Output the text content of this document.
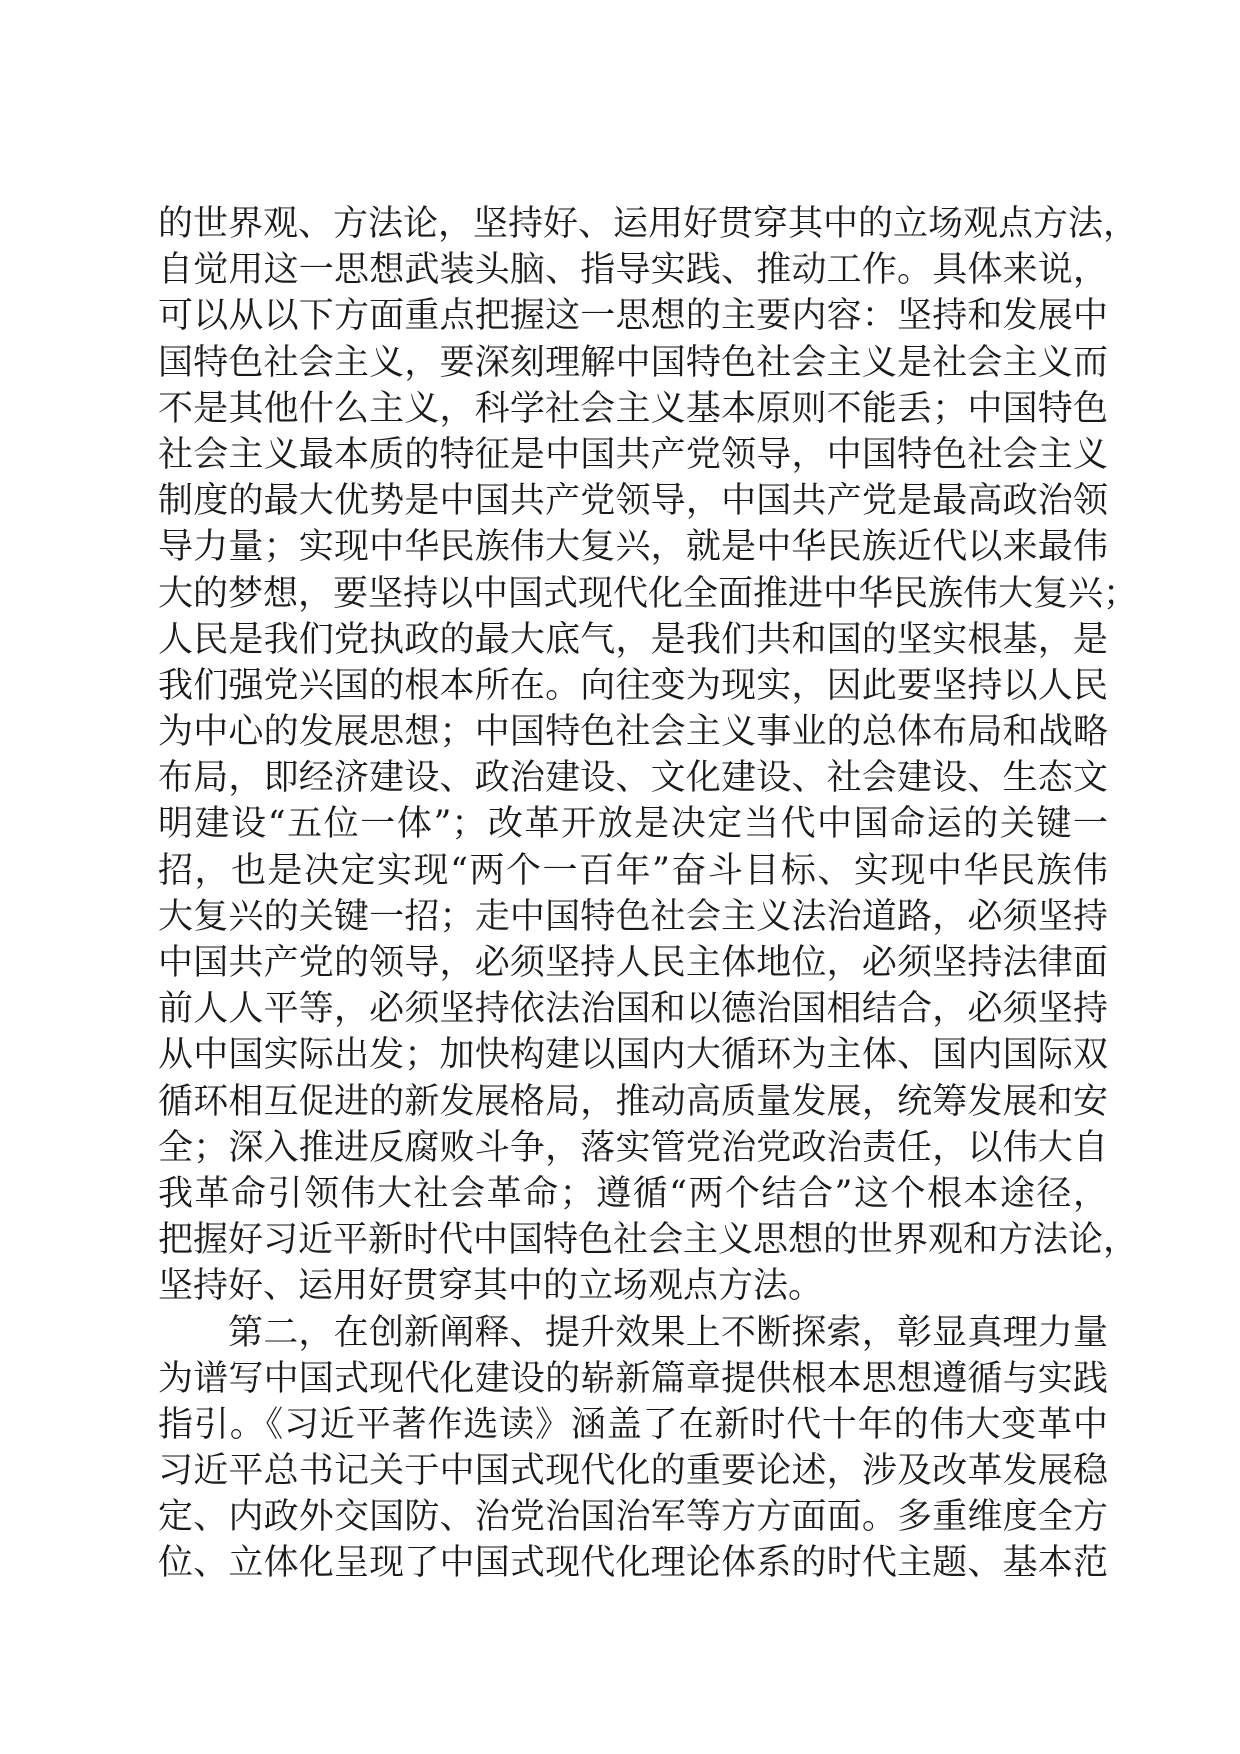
的世界观、方法论，坚持好、运用好贯穿其中的立场观点方法，
自觉用这一思想武装头脑、指导实践、推动工作。具体来说，
可以从以下方面重点把握这一思想的主要内容：坚持和发展中
国特色社会主义，要深刻理解中国特色社会主义是社会主义而
不是其他什么主义，科学社会主义基本原则不能丢；中国特色
社会主义最本质的特征是中国共产党领导，中国特色社会主义
制度的最大优势是中国共产党领导，中国共产党是最高政治领
导力量；实现中华民族伟大复兴，就是中华民族近代以来最伟
大的梦想，要坚持以中国式现代化全面推进中华民族伟大复兴；
人民是我们党执政的最大底气，是我们共和国的坚实根基，是
我们强党兴国的根本所在。向往变为现实，因此要坚持以人民
为中心的发展思想；中国特色社会主义事业的总体布局和战略
布局，即经济建设、政治建设、文化建设、社会建设、生态文
明建设“五位一体”；改革开放是决定当代中国命运的关键一
招，也是决定实现“两个一百年”奋斗目标、实现中华民族伟
大复兴的关键一招；走中国特色社会主义法治道路，必须坚持
中国共产党的领导，必须坚持人民主体地位，必须坚持法律面
前人人平等，必须坚持依法治国和以德治国相结合，必须坚持
从中国实际出发；加快构建以国内大循环为主体、国内国际双
循环相互促进的新发展格局，推动高质量发展，统筹发展和安
全；深入推进反腐败斗争，落实管党治党政治责任，以伟大自
我革命引领伟大社会革命；遵循“两个结合”这个根本途径，
把握好习近平新时代中国特色社会主义思想的世界观和方法论，
坚持好、运用好贯穿其中的立场观点方法。
第二，在创新阐释、提升效果上不断探索，彰显真理力量
为谱写中国式现代化建设的崭新篇章提供根本思想遵循与实践
指引。《习近平著作选读》涵盖了在新时代十年的伟大变革中
习近平总书记关于中国式现代化的重要论述，涉及改革发展稳
定、内政外交国防、治党治国治军等方方面面。多重维度全方
位、立体化呈现了中国式现代化理论体系的时代主题、基本范
